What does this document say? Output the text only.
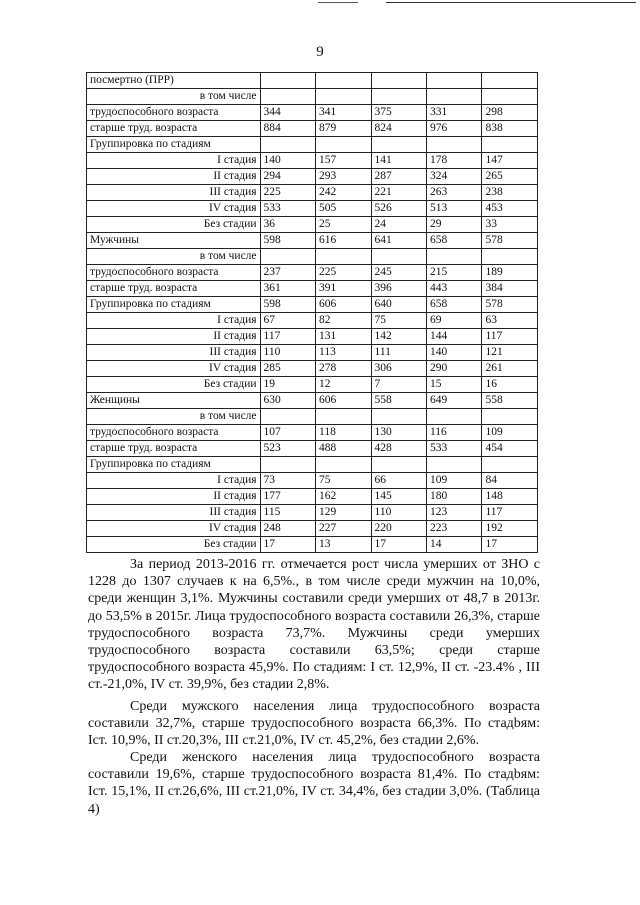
9
посмертно (ПРР)					
в том числе					
трудоспособного возраста	344	341	375	331	298
старше труд. возраста	884	879	824	976	838
Группировка по стадиям					
I стадия	140	157	141	178	147
II стадия	294	293	287	324	265
III стадия	225	242	221	263	238
IV стадия	533	505	526	513	453
Без стадии	36	25	24	29	33
Мужчины	598	616	641	658	578
в том числе					
трудоспособного возраста	237	225	245	215	189
старше труд. возраста	361	391	396	443	384
Группировка по стадиям	598	606	640	658	578
I стадия	67	82	75	69	63
II стадия	117	131	142	144	117
III стадия	110	113	111	140	121
IV стадия	285	278	306	290	261
Без стадии	19	12	7	15	16
Женщины	630	606	558	649	558
в том числе					
трудоспособного возраста	107	118	130	116	109
старше труд. возраста	523	488	428	533	454
Группировка по стадиям					
I стадия	73	75	66	109	84
II стадия	177	162	145	180	148
III стадия	115	129	110	123	117
IV стадия	248	227	220	223	192
Без стадии	17	13	17	14	17

За период 2013-2016 гг. отмечается рост числа умерших от ЗНО с 1228 до 1307 случаев к на 6,5%., в том числе среди мужчин на 10,0%, среди женщин 3,1%. Мужчины составили среди умерших от 48,7 в 2013г. до 53,5% в 2015г. Лица трудоспособного возраста составили 26,3%, старше трудоспособного возраста 73,7%. Мужчины среди умерших трудоспособного возраста составили 63,5%; среди старше трудоспособного возраста 45,9%. По стадиям: I ст. 12,9%, II ст. -23.4% , III ст.-21,0%, IV ст. 39,9%, без стадии 2,8%.

Среди мужского населения лица трудоспособного возраста составили 32,7%, старше трудоспособного возраста 66,3%. По стадbям: Iст. 10,9%, II ст.20,3%, III ст.21,0%, IV ст. 45,2%, без стадии 2,6%.

Среди женского населения лица трудоспособного возраста составили 19,6%, старше трудоспособного возраста 81,4%. По стадbям: Iст. 15,1%, II ст.26,6%, III ст.21,0%, IV ст. 34,4%, без стадии 3,0%. (Таблица 4)
